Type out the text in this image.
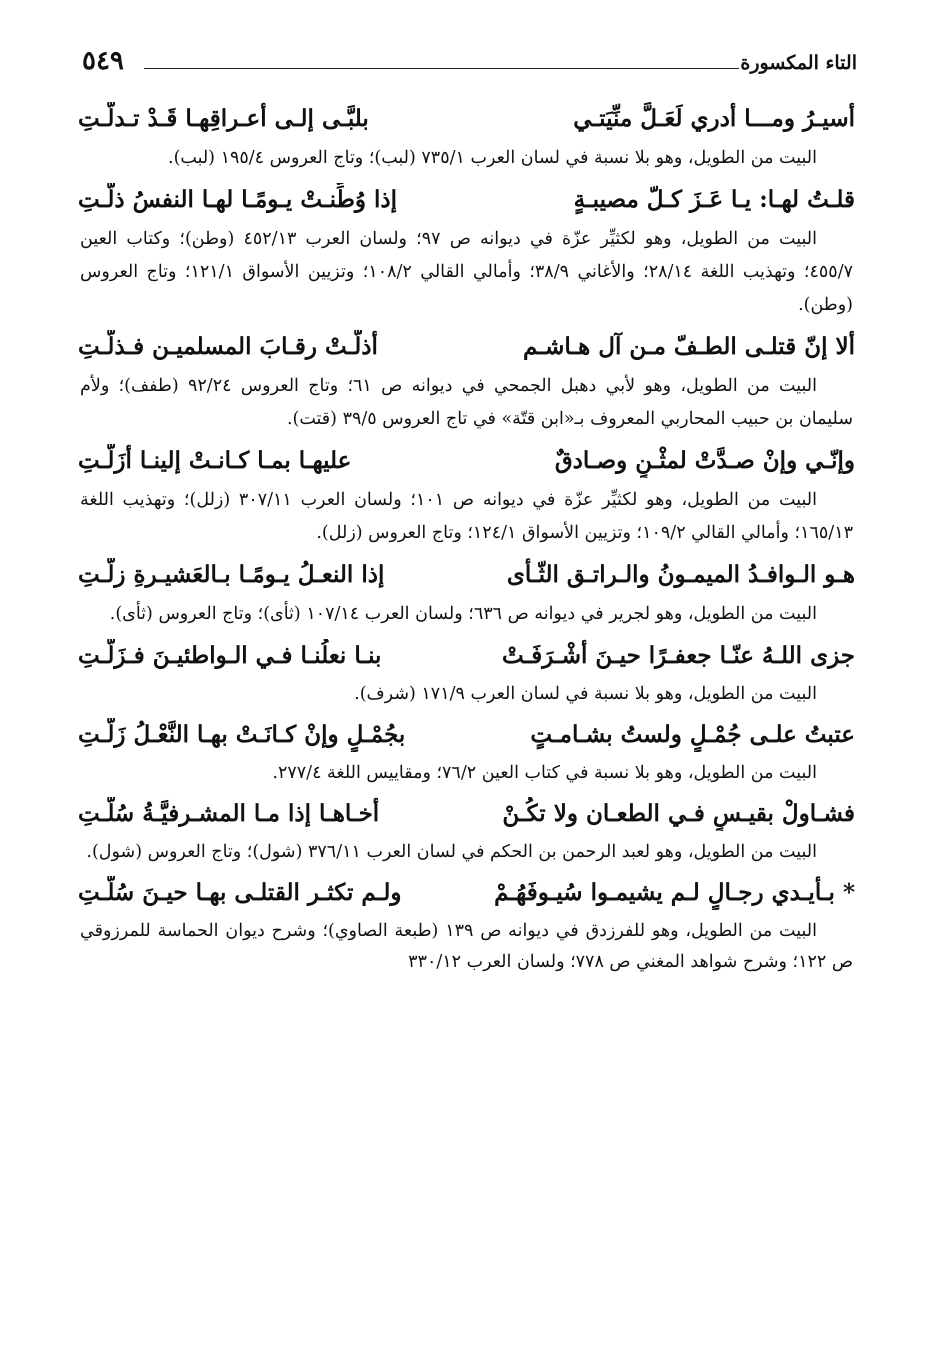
التاء المكسورة
٥٤٩
أسيـرُ ومـــا أدري لَعَـلَّ منِّيَتـي
بلبَّـى إلـى أعـراقِهـا قَـدْ تـدلَّـتِ
البيت من الطويل، وهو بلا نسبة في لسان العرب ٧٣٥/١ (لبب)؛ وتاج العروس ١٩٥/٤ (لبب).
قلـتُ لهـا: يـا عَـزَ كـلّ مصيبـةٍ
إذا وُطِّنـتْ يـومًـا لهـا النفسُ ذلَّـتِ
البيت من الطويل، وهو لكثيِّر عزّة في ديوانه ص ٩٧؛ ولسان العرب ٤٥٢/١٣ (وطن)؛ وكتاب العين ٤٥٥/٧؛ وتهذيب اللغة ٢٨/١٤؛ والأغاني ٣٨/٩؛ وأمالي القالي ١٠٨/٢؛ وتزيين الأسواق ١٢١/١؛ وتاج العروس (وطن).
ألا إنّ قتلـى الطـفّ مـن آل هـاشـم
أذلّـتْ رقـابَ المسلميـن فـذلَّـتِ
البيت من الطويل، وهو لأبي دهبل الجمحي في ديوانه ص ٦١؛ وتاج العروس ٩٢/٢٤ (طفف)؛ ولأم سليمان بن حبيب المحاربي المعروف بـ«ابن قتّة» في تاج العروس ٣٩/٥ (قتت).
وإنّـي وإنْ صـدَّتْ لمثْـنٍ وصـادقٌ
عليهـا بمـا كـانـتْ إلينـا أزَلَّـتِ
البيت من الطويل، وهو لكثيِّر عزّة في ديوانه ص ١٠١؛ ولسان العرب ٣٠٧/١١ (زلل)؛ وتهذيب اللغة ١٦٥/١٣؛ وأمالي القالي ١٠٩/٢؛ وتزيين الأسواق ١٢٤/١؛ وتاج العروس (زلل).
هـو الـوافـدُ الميمـونُ والـراتـق الثّـأى
إذا النعـلُ يـومًـا بـالعَشيـرةِ زلّـتِ
البيت من الطويل، وهو لجرير في ديوانه ص ٦٣٦؛ ولسان العرب ١٠٧/١٤ (ثأى)؛ وتاج العروس (ثأى).
جزى اللـهُ عنّـا جعفـرًا حيـنَ أشْـرَفَـتْ
بنـا نعلُنـا فـي الـواطئيـنَ فـزَلّـتِ
البيت من الطويل، وهو بلا نسبة في لسان العرب ١٧١/٩ (شرف).
عتبتُ علـى جُمْـلٍ ولستُ بشـامـتٍ
بجُمْـلٍ وإنْ كـانَـتْ بهـا النَّعْـلُ زَلَّـتِ
البيت من الطويل، وهو بلا نسبة في كتاب العين ٧٦/٢؛ ومقاييس اللغة ٢٧٧/٤.
فشـاولْ بقيـسٍ فـي الطعـان ولا تكُـنْ
أخـاهـا إذا مـا المشـرفيَّـةُ سُلَّـتِ
البيت من الطويل، وهو لعبد الرحمن بن الحكم في لسان العرب ٣٧٦/١١ (شول)؛ وتاج العروس (شول).
* بـأيـدي رجـالٍ لـم يشيمـوا سُيـوفَهُـمْ
ولـم تكثـر القتلـى بهـا حيـنَ سُلَّـتِ
البيت من الطويل، وهو للفرزدق في ديوانه ص ١٣٩ (طبعة الصاوي)؛ وشرح ديوان الحماسة للمرزوقي ص ١٢٢؛ وشرح شواهد المغني ص ٧٧٨؛ ولسان العرب ٣٣٠/١٢
